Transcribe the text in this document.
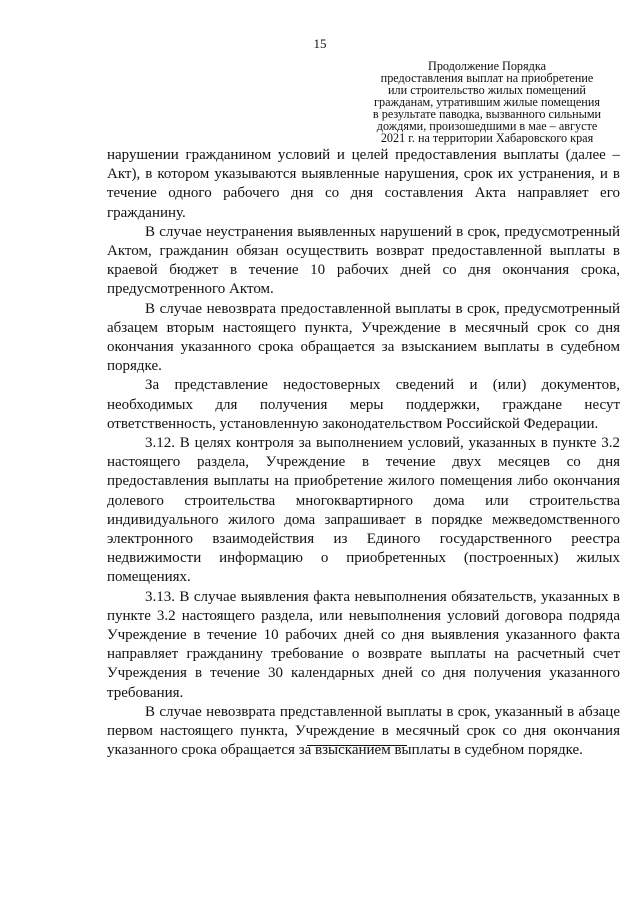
15
Продолжение Порядка
предоставления выплат на приобретение
или строительство жилых помещений
гражданам, утратившим жилые помещения
в результате паводка, вызванного сильными
дождями, произошедшими в мае – августе
2021 г. на территории Хабаровского края

нарушении гражданином условий и целей предоставления выплаты (далее – Акт), в котором указываются выявленные нарушения, срок их устранения, и в течение одного рабочего дня со дня составления Акта направляет его гражданину.

В случае неустранения выявленных нарушений в срок, предусмотренный Актом, гражданин обязан осуществить возврат предоставленной выплаты в краевой бюджет в течение 10 рабочих дней со дня окончания срока, предусмотренного Актом.

В случае невозврата предоставленной выплаты в срок, предусмотренный абзацем вторым настоящего пункта, Учреждение в месячный срок со дня окончания указанного срока обращается за взысканием выплаты в судебном порядке.

За представление недостоверных сведений и (или) документов, необходимых для получения меры поддержки, граждане несут ответственность, установленную законодательством Российской Федерации.

3.12. В целях контроля за выполнением условий, указанных в пункте 3.2 настоящего раздела, Учреждение в течение двух месяцев со дня предоставления выплаты на приобретение жилого помещения либо окончания долевого строительства многоквартирного дома или строительства индивидуального жилого дома запрашивает в порядке межведомственного электронного взаимодействия из Единого государственного реестра недвижимости информацию о приобретенных (построенных) жилых помещениях.

3.13. В случае выявления факта невыполнения обязательств, указанных в пункте 3.2 настоящего раздела, или невыполнения условий договора подряда Учреждение в течение 10 рабочих дней со дня выявления указанного факта направляет гражданину требование о возврате выплаты на расчетный счет Учреждения в течение 30 календарных дней со дня получения указанного требования.

В случае невозврата представленной выплаты в срок, указанный в абзаце первом настоящего пункта, Учреждение в месячный срок со дня окончания указанного срока обращается за взысканием выплаты в судебном порядке.
